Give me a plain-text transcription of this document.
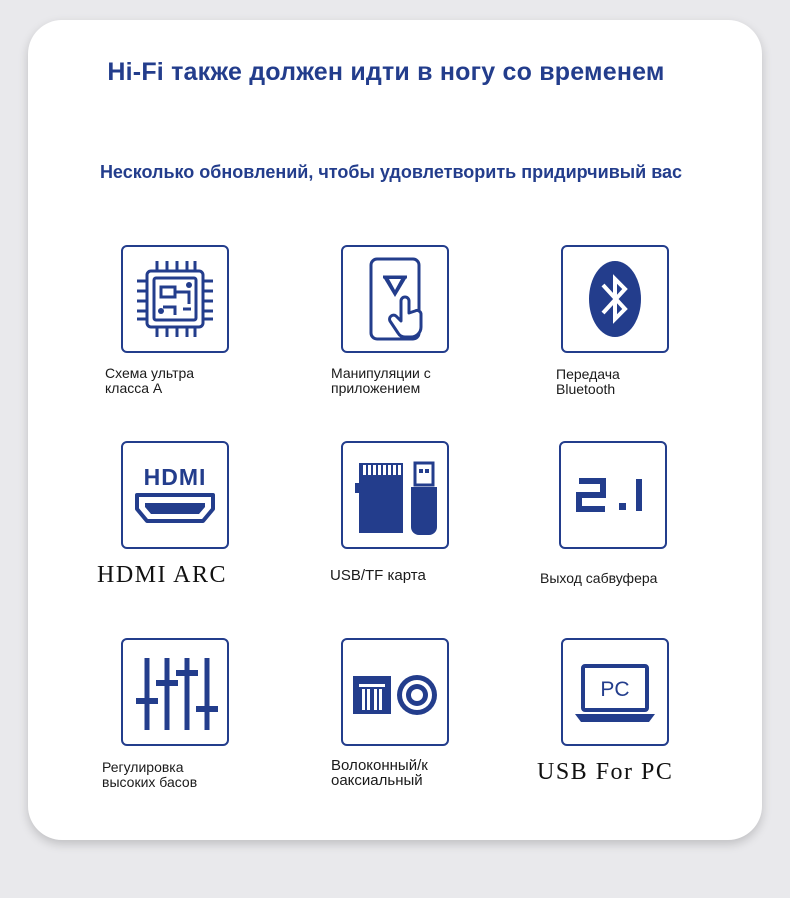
Hi-Fi также должен идти в ногу со временем
Несколько обновлений, чтобы удовлетворить придирчивый вас
Схема ультра
класса А
Манипуляции с
приложением
Передача
Bluetooth
HDMI
HDMI ARC	USB/TF карта	Выход сабвуфера
Регулировка
высоких басов
Волоконный/к
оаксиальный
PC
USB For PC
